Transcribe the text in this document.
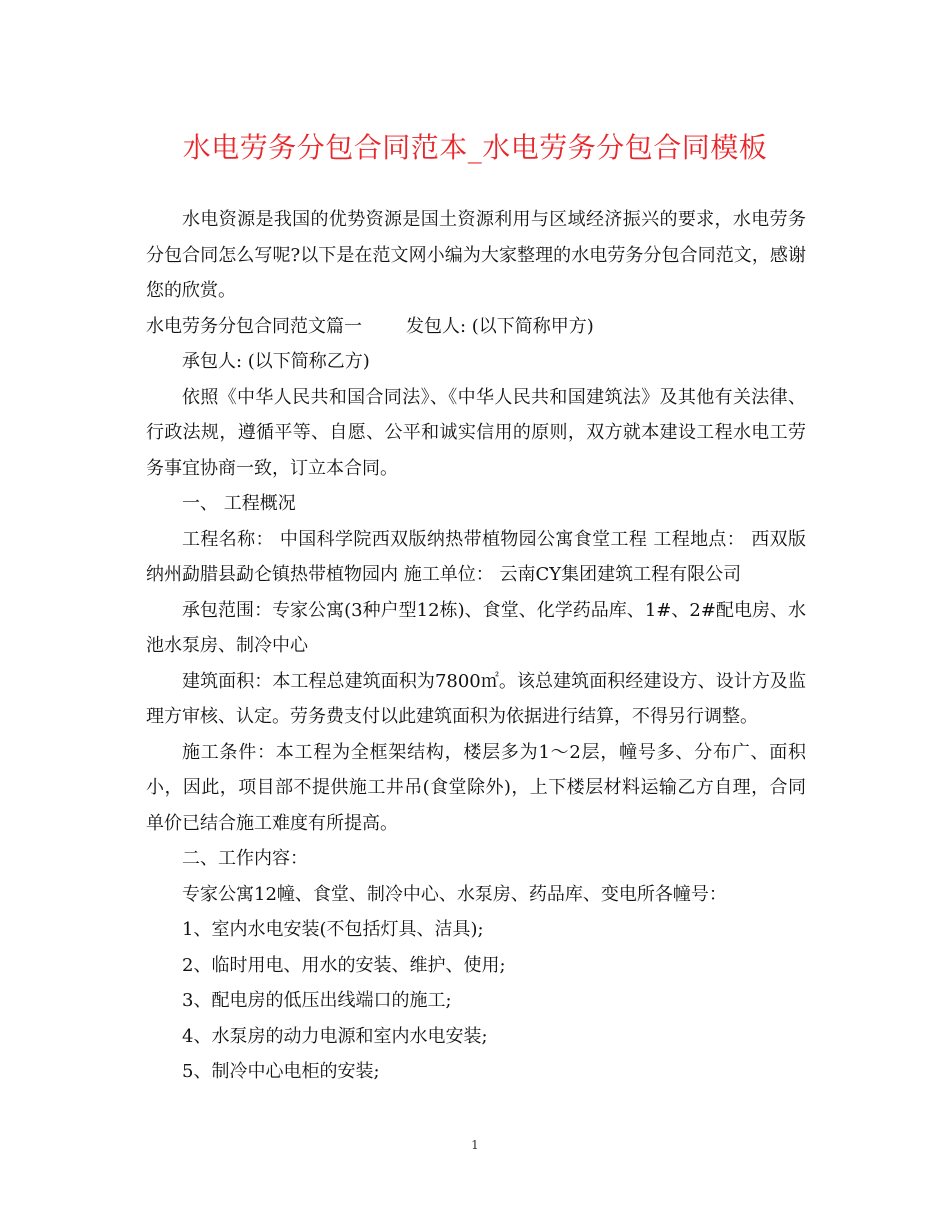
水电劳务分包合同范本_水电劳务分包合同模板

水电资源是我国的优势资源是国土资源利用与区域经济振兴的要求，水电劳务分包合同怎么写呢?以下是在范文网小编为大家整理的水电劳务分包合同范文，感谢您的欣赏。

水电劳务分包合同范文篇一 发包人: (以下简称甲方)

承包人: (以下简称乙方)

依照《中华人民共和国合同法》、《中华人民共和国建筑法》及其他有关法律、行政法规，遵循平等、自愿、公平和诚实信用的原则，双方就本建设工程水电工劳务事宜协商一致，订立本合同。

一、 工程概况

工程名称： 中国科学院西双版纳热带植物园公寓食堂工程 工程地点： 西双版纳州勐腊县勐仑镇热带植物园内 施工单位： 云南CY集团建筑工程有限公司

承包范围：专家公寓(3种户型12栋)、食堂、化学药品库、1#、2#配电房、水池水泵房、制冷中心

建筑面积：本工程总建筑面积为7800㎡。该总建筑面积经建设方、设计方及监理方审核、认定。劳务费支付以此建筑面积为依据进行结算，不得另行调整。

施工条件：本工程为全框架结构，楼层多为1～2层，幢号多、分布广、面积小，因此，项目部不提供施工井吊(食堂除外)，上下楼层材料运输乙方自理，合同单价已结合施工难度有所提高。

二、工作内容：

专家公寓12幢、食堂、制冷中心、水泵房、药品库、变电所各幢号：

1、室内水电安装(不包括灯具、洁具);

2、临时用电、用水的安装、维护、使用;

3、配电房的低压出线端口的施工;

4、水泵房的动力电源和室内水电安装;

5、制冷中心电柜的安装;

1
